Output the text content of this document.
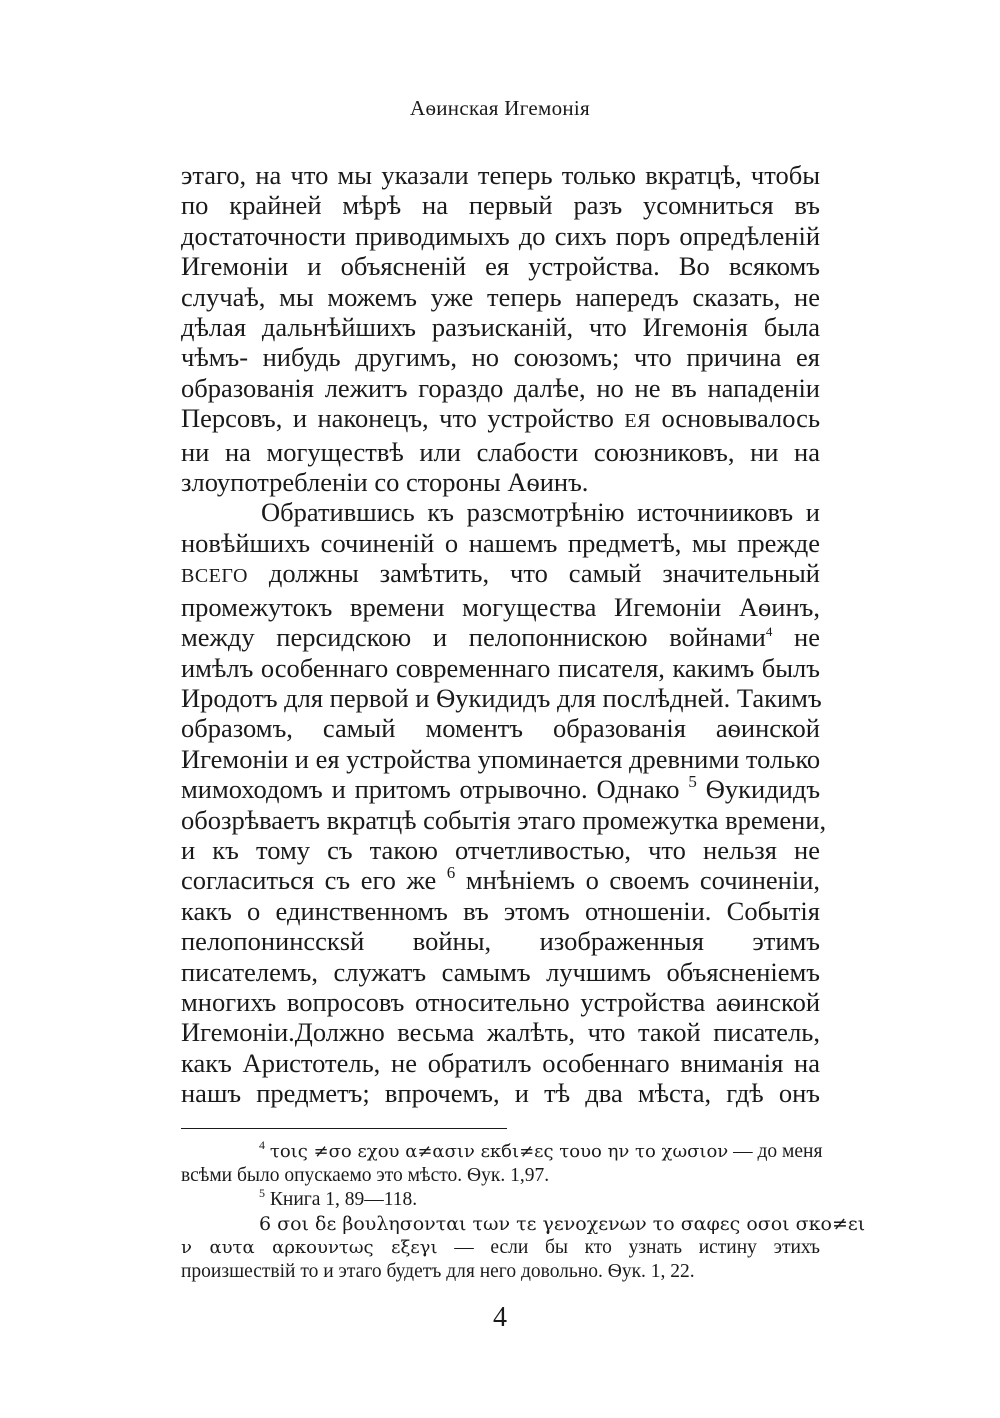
Аѳинская Игемонія
этаго, на что мы указали теперь только вкратцѣ, чтобы
по крайней мѣрѣ на первый разъ усомниться въ
достаточности приводимыхъ до сихъ поръ опредѣленій
Игемоніи и объясненій ея устройства. Во всякомъ
случаѣ, мы можемъ уже теперь напередъ сказать, не
дѣлая дальнѣйшихъ разъисканій, что Игемонія была
чѣмъ- нибудь другимъ, но союзомъ; что причина ея
образованія лежитъ гораздо далѣе, но не въ нападеніи
Персовъ, и наконецъ, что устройство ЕЯ основывалось
ни на могуществѣ или слабости союзниковъ, ни на
злоупотребленіи со стороны Аѳинъ.
Обратившись къ разсмотрѣнію источнииковъ и
новѣйшихъ сочиненій о нашемъ предметѣ, мы прежде
ВСЕГО должны замѣтить, что самый значительный
промежутокъ времени могущества Игемоніи Аѳинъ,
между персидскою и пелопоннискою войнами$^4$ не
имѣлъ особеннаго современнаго писателя, какимъ былъ
Иродотъ для первой и Ѳукидидъ для послѣдней. Такимъ
образомъ, самый моментъ образованія аѳинской
Игемоніи и ея устройства упоминается древними только
мимоходомъ и притомъ отрывочно. Однако $^5$ Ѳукидидъ
обозрѣваетъ вкратцѣ событія этаго промежутка времени,
и къ тому съ такою отчетливостью, что нельзя не
согласиться съ его же $^6$ мнѣніемъ о своемъ сочиненіи,
какъ о единственномъ въ этомъ отношеніи. Событія
пелопонинсскѕй войны, изображенныя этимъ
писателемъ, служатъ самымъ лучшимъ объясненіемъ
многихъ вопросовъ относительно устройства аѳинской
Игемоніи.Должно весьма жалѣть, что такой писатель,
какъ Аристотель, не обратилъ особеннаго вниманія на
нашъ предметъ; впрочемъ, и тѣ два мѣста, гдѣ онъ
$^4$ τοις ≠σο εχου α≠ασιν εκбι≠ες τουο ην το χωσιον — до меня
всѣми было опускаемо это мѣсто. Ѳук. 1,97.
$^5$ Книга 1, 89—118.
6 σοι δε βουλησονται των τε γενοχενων το σαφες οσοι σκο≠ει
ν αυτα αρκουντως εξεγι — если бы кто узнать истину этихъ
произшествій то и этаго будетъ для него довольно. Ѳук. 1, 22.
4
